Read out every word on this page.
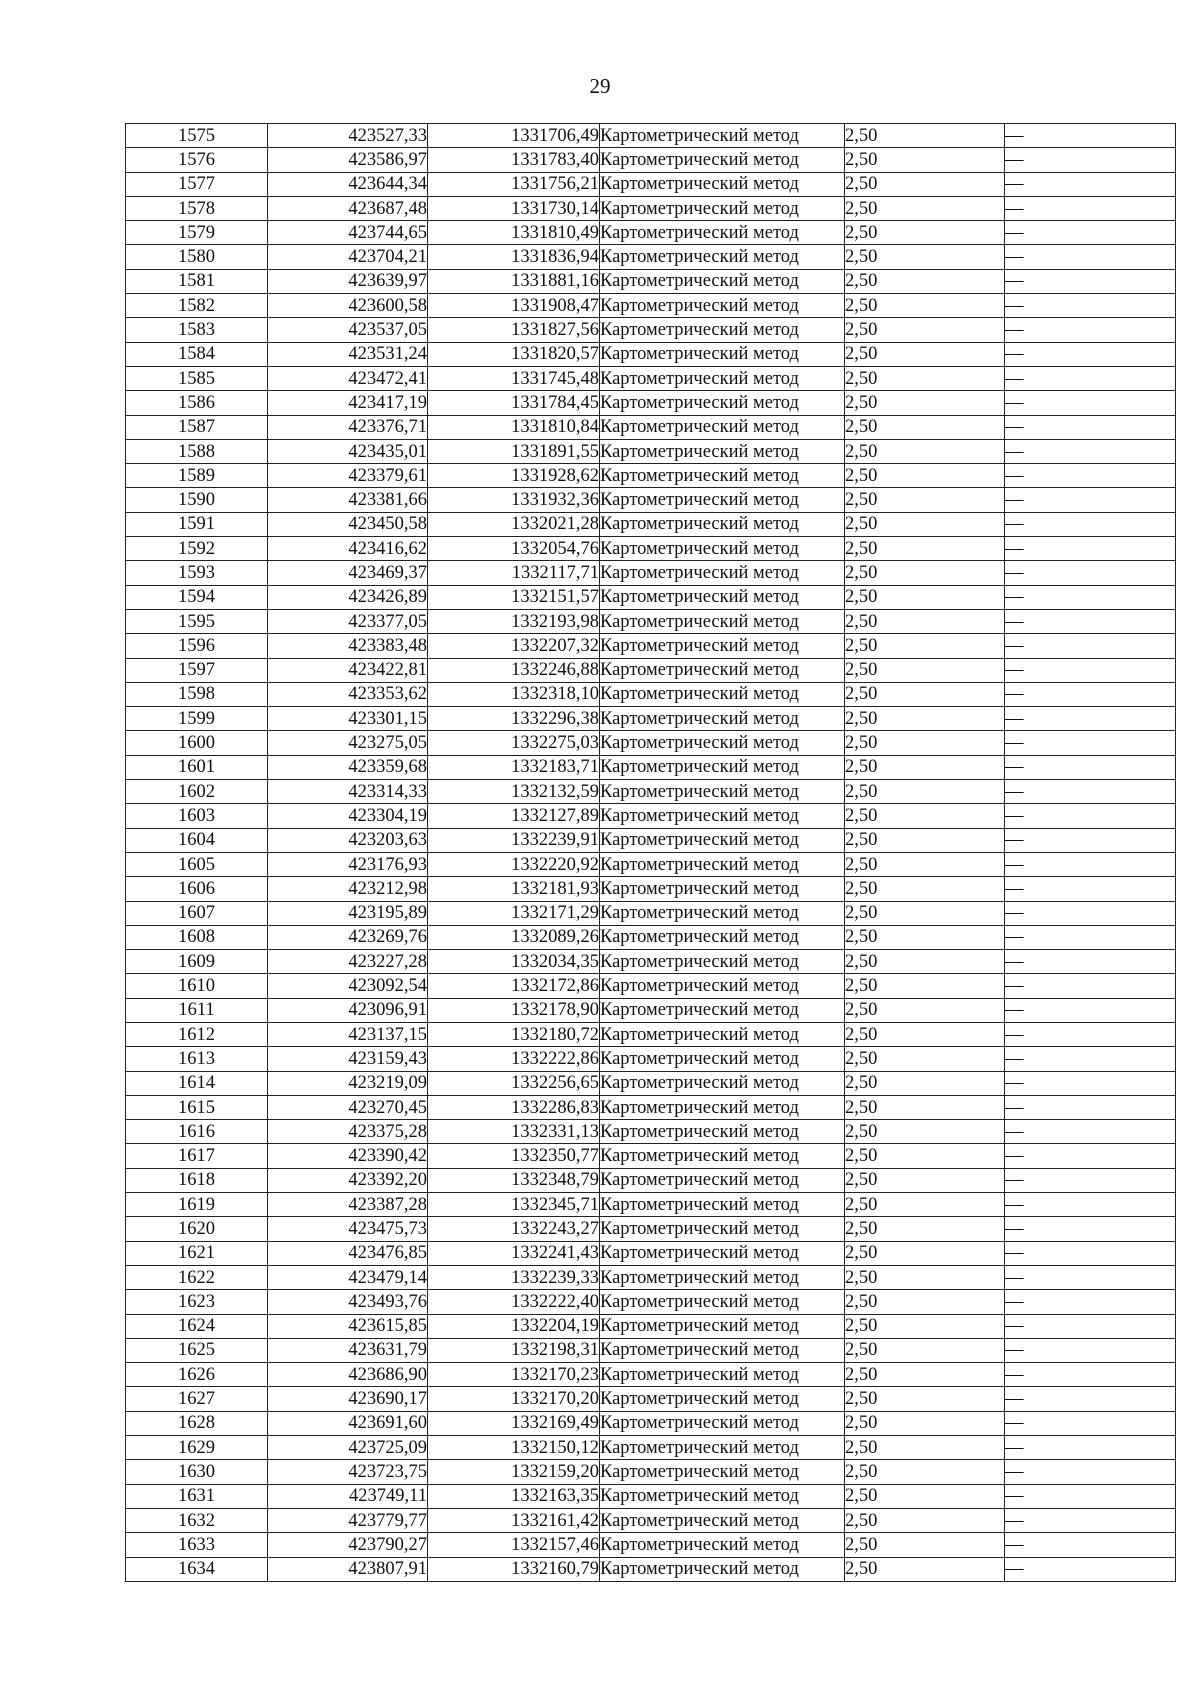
29
1575	423527,33	1331706,49	Картометрический метод	2,50	—
1576	423586,97	1331783,40	Картометрический метод	2,50	—
1577	423644,34	1331756,21	Картометрический метод	2,50	—
1578	423687,48	1331730,14	Картометрический метод	2,50	—
1579	423744,65	1331810,49	Картометрический метод	2,50	—
1580	423704,21	1331836,94	Картометрический метод	2,50	—
1581	423639,97	1331881,16	Картометрический метод	2,50	—
1582	423600,58	1331908,47	Картометрический метод	2,50	—
1583	423537,05	1331827,56	Картометрический метод	2,50	—
1584	423531,24	1331820,57	Картометрический метод	2,50	—
1585	423472,41	1331745,48	Картометрический метод	2,50	—
1586	423417,19	1331784,45	Картометрический метод	2,50	—
1587	423376,71	1331810,84	Картометрический метод	2,50	—
1588	423435,01	1331891,55	Картометрический метод	2,50	—
1589	423379,61	1331928,62	Картометрический метод	2,50	—
1590	423381,66	1331932,36	Картометрический метод	2,50	—
1591	423450,58	1332021,28	Картометрический метод	2,50	—
1592	423416,62	1332054,76	Картометрический метод	2,50	—
1593	423469,37	1332117,71	Картометрический метод	2,50	—
1594	423426,89	1332151,57	Картометрический метод	2,50	—
1595	423377,05	1332193,98	Картометрический метод	2,50	—
1596	423383,48	1332207,32	Картометрический метод	2,50	—
1597	423422,81	1332246,88	Картометрический метод	2,50	—
1598	423353,62	1332318,10	Картометрический метод	2,50	—
1599	423301,15	1332296,38	Картометрический метод	2,50	—
1600	423275,05	1332275,03	Картометрический метод	2,50	—
1601	423359,68	1332183,71	Картометрический метод	2,50	—
1602	423314,33	1332132,59	Картометрический метод	2,50	—
1603	423304,19	1332127,89	Картометрический метод	2,50	—
1604	423203,63	1332239,91	Картометрический метод	2,50	—
1605	423176,93	1332220,92	Картометрический метод	2,50	—
1606	423212,98	1332181,93	Картометрический метод	2,50	—
1607	423195,89	1332171,29	Картометрический метод	2,50	—
1608	423269,76	1332089,26	Картометрический метод	2,50	—
1609	423227,28	1332034,35	Картометрический метод	2,50	—
1610	423092,54	1332172,86	Картометрический метод	2,50	—
1611	423096,91	1332178,90	Картометрический метод	2,50	—
1612	423137,15	1332180,72	Картометрический метод	2,50	—
1613	423159,43	1332222,86	Картометрический метод	2,50	—
1614	423219,09	1332256,65	Картометрический метод	2,50	—
1615	423270,45	1332286,83	Картометрический метод	2,50	—
1616	423375,28	1332331,13	Картометрический метод	2,50	—
1617	423390,42	1332350,77	Картометрический метод	2,50	—
1618	423392,20	1332348,79	Картометрический метод	2,50	—
1619	423387,28	1332345,71	Картометрический метод	2,50	—
1620	423475,73	1332243,27	Картометрический метод	2,50	—
1621	423476,85	1332241,43	Картометрический метод	2,50	—
1622	423479,14	1332239,33	Картометрический метод	2,50	—
1623	423493,76	1332222,40	Картометрический метод	2,50	—
1624	423615,85	1332204,19	Картометрический метод	2,50	—
1625	423631,79	1332198,31	Картометрический метод	2,50	—
1626	423686,90	1332170,23	Картометрический метод	2,50	—
1627	423690,17	1332170,20	Картометрический метод	2,50	—
1628	423691,60	1332169,49	Картометрический метод	2,50	—
1629	423725,09	1332150,12	Картометрический метод	2,50	—
1630	423723,75	1332159,20	Картометрический метод	2,50	—
1631	423749,11	1332163,35	Картометрический метод	2,50	—
1632	423779,77	1332161,42	Картометрический метод	2,50	—
1633	423790,27	1332157,46	Картометрический метод	2,50	—
1634	423807,91	1332160,79	Картометрический метод	2,50	—
